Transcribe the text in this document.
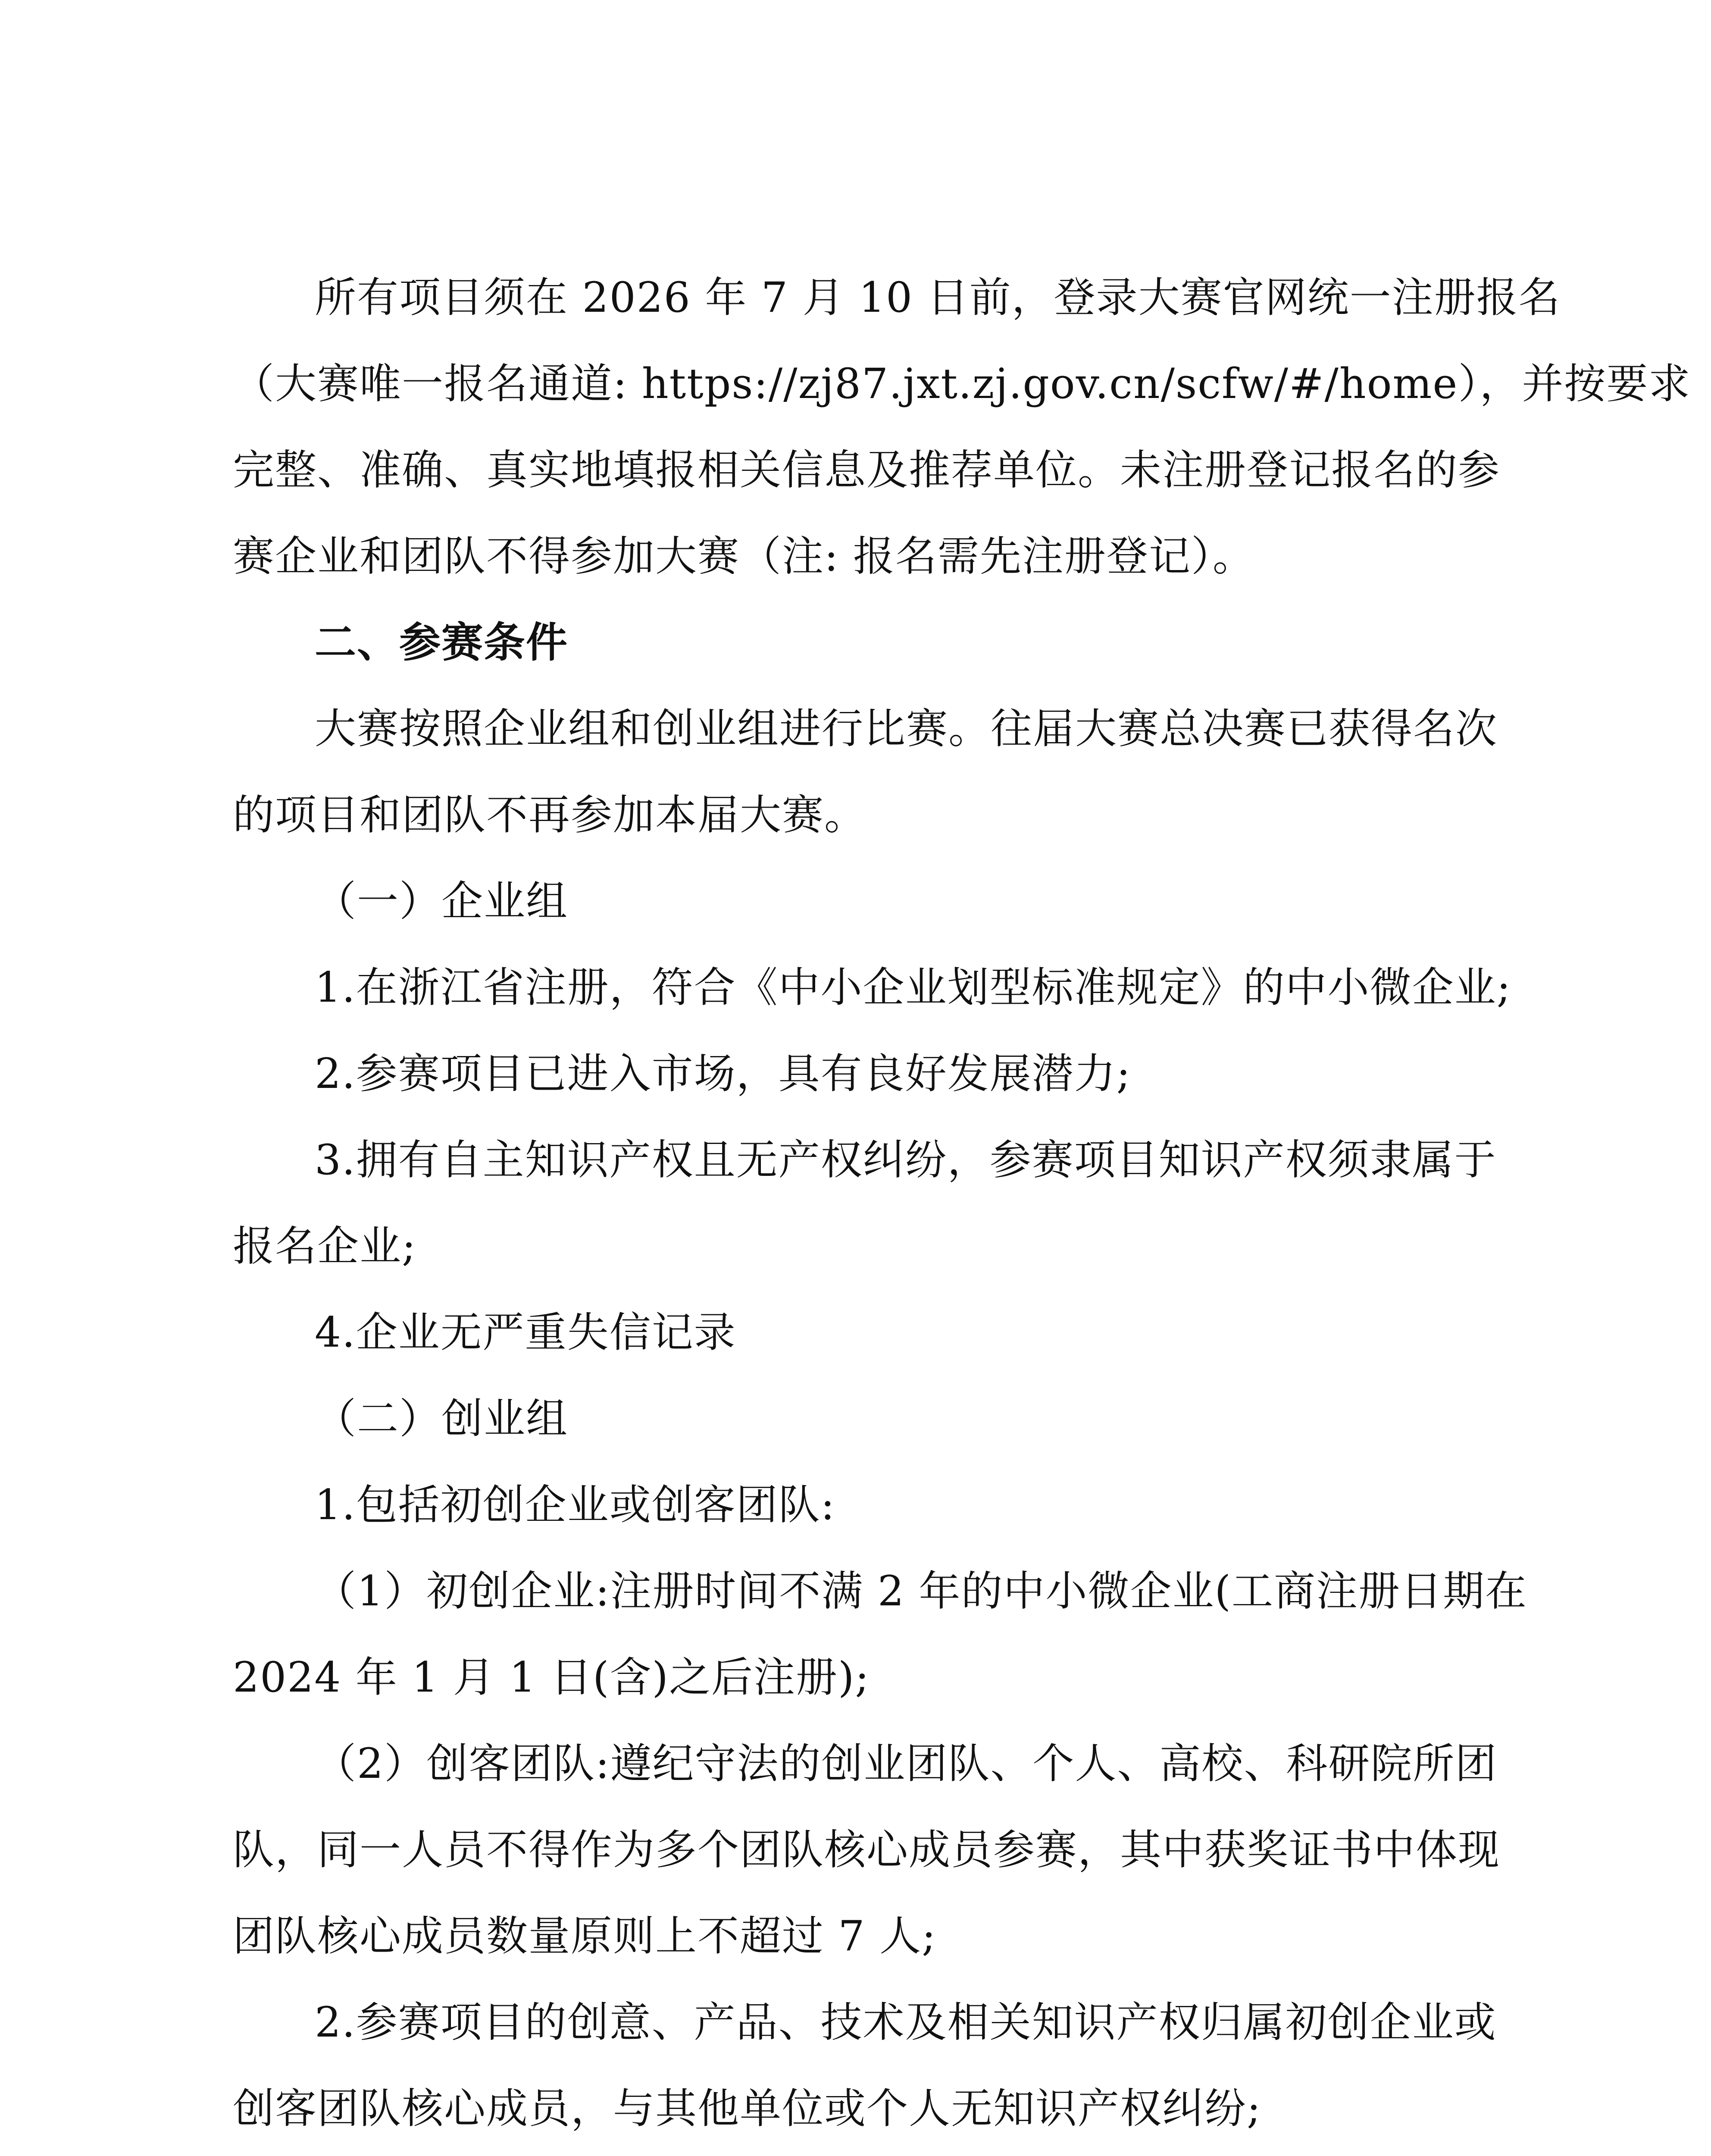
所有项目须在 2026 年 7 月 10 日前，登录大赛官网统一注册报名
（大赛唯一报名通道: https://zj87.jxt.zj.gov.cn/scfw/#/home），并按要求
完整、准确、真实地填报相关信息及推荐单位。未注册登记报名的参
赛企业和团队不得参加大赛（注: 报名需先注册登记）。
二、参赛条件
大赛按照企业组和创业组进行比赛。往届大赛总决赛已获得名次
的项目和团队不再参加本届大赛。
（一）企业组
1.在浙江省注册，符合《中小企业划型标准规定》的中小微企业;
2.参赛项目已进入市场，具有良好发展潜力;
3.拥有自主知识产权且无产权纠纷，参赛项目知识产权须隶属于
报名企业;
4.企业无严重失信记录
（二）创业组
1.包括初创企业或创客团队:
（1）初创企业:注册时间不满 2 年的中小微企业(工商注册日期在
2024 年 1 月 1 日(含)之后注册);
（2）创客团队:遵纪守法的创业团队、个人、高校、科研院所团
队，同一人员不得作为多个团队核心成员参赛，其中获奖证书中体现
团队核心成员数量原则上不超过 7 人;
2.参赛项目的创意、产品、技术及相关知识产权归属初创企业或
创客团队核心成员，与其他单位或个人无知识产权纠纷;
